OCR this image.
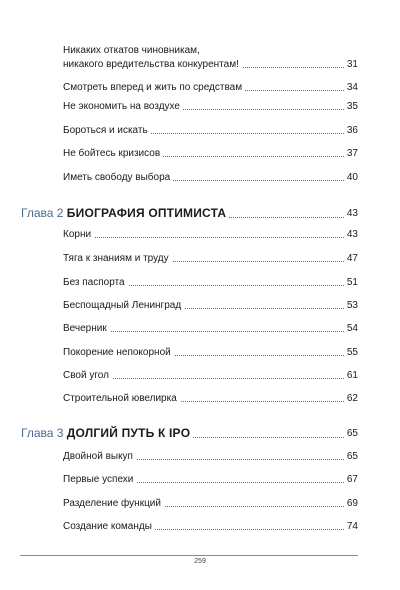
Никаких откатов чиновникам,
никакого вредительства конкурентам!	31
Смотреть вперед и жить по средствам	34
Не экономить на воздухе	35
Бороться и искать	36
Не бойтесь кризисов	37
Иметь свободу выбора	40
Глава 2 БИОГРАФИЯ ОПТИМИСТА	43
Корни	43
Тяга к знаниям и труду	47
Без паспорта	51
Беспощадный Ленинград	53
Вечерник	54
Покорение непокорной	55
Свой угол	61
Строительной ювелирка	62
Глава 3 ДОЛГИЙ ПУТЬ К IPO	65
Двойной выкуп	65
Первые успехи	67
Разделение функций	69
Создание команды	74
259
